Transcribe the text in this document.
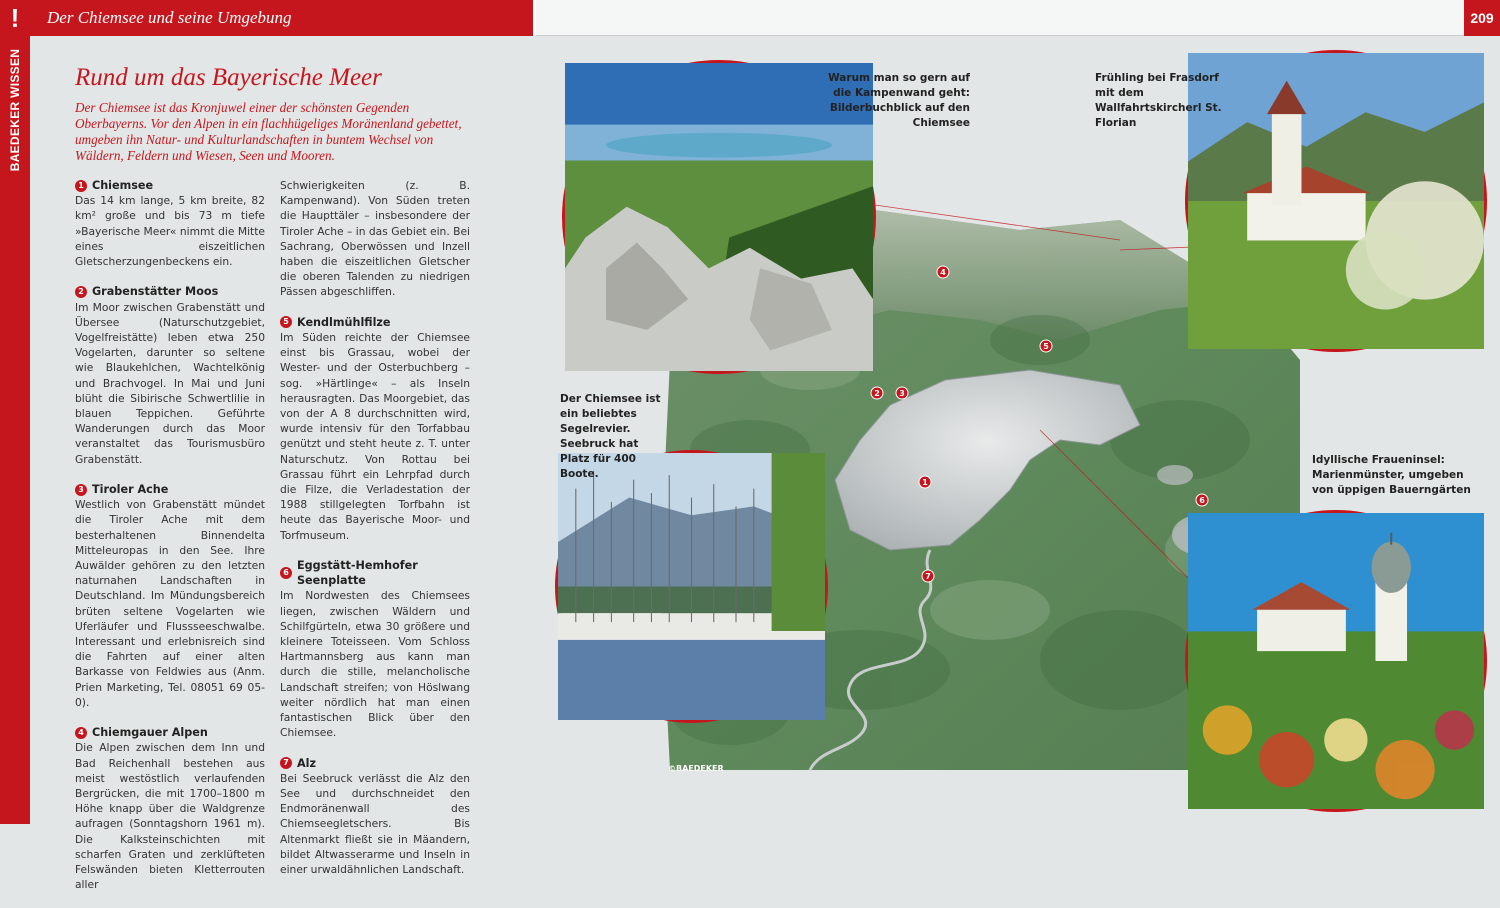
!	Der Chiemsee und seine Umgebung	209
BAEDEKER WISSEN Rund um das Bayerische Meer
Der Chiemsee ist das Kronjuwel einer der schönsten Gegenden Oberbayerns. Vor den Alpen in ein flachhügeliges Moränenland gebettet, umgeben ihn Natur- und Kulturlandschaften in buntem Wechsel von Wäldern, Feldern und Wiesen, Seen und Mooren.
1 Chiemsee
Das 14 km lange, 5 km breite, 82 km² große und bis 73 m tiefe »Bayerische Meer« nimmt die Mitte eines eiszeitlichen Gletscherzungenbeckens ein.
2 Grabenstätter Moos
Im Moor zwischen Grabenstätt und Übersee (Naturschutzgebiet, Vogelfreistätte) leben etwa 250 Vogelarten, darunter so seltene wie Blaukehlchen, Wachtelkönig und Brachvogel. In Mai und Juni blüht die Sibirische Schwertlilie in blauen Teppichen. Geführte Wanderungen durch das Moor veranstaltet das Tourismusbüro Grabenstätt.
3 Tiroler Ache
Westlich von Grabenstätt mündet die Tiroler Ache mit dem besterhaltenen Binnendelta Mitteleuropas in den See. Ihre Auwälder gehören zu den letzten naturnahen Landschaften in Deutschland. Im Mündungsbereich brüten seltene Vogelarten wie Uferläufer und Flussseeschwalbe. Interessant und erlebnisreich sind die Fahrten auf einer alten Barkasse von Feldwies aus (Anm. Prien Marketing, Tel. 08051 69 05-0).
4 Chiemgauer Alpen
Die Alpen zwischen dem Inn und Bad Reichenhall bestehen aus meist westöstlich verlaufenden Bergrücken, die mit 1700–1800 m Höhe knapp über die Waldgrenze aufragen (Sonntagshorn 1961 m). Die Kalksteinschichten mit scharfen Graten und zerklüfteten Felswänden bieten Kletterrouten aller
Schwierigkeiten (z. B. Kampenwand). Von Süden treten die Haupttäler – insbesondere der Tiroler Ache – in das Gebiet ein. Bei Sachrang, Oberwössen und Inzell haben die eiszeitlichen Gletscher die oberen Talenden zu niedrigen Pässen abgeschliffen.
5 Kendlmühlfilze
Im Süden reichte der Chiemsee einst bis Grassau, wobei der Wester- und der Osterbuchberg – sog. »Härtlinge« – als Inseln herausragten. Das Moorgebiet, das von der A 8 durchschnitten wird, wurde intensiv für den Torfabbau genützt und steht heute z. T. unter Naturschutz. Von Rottau bei Grassau führt ein Lehrpfad durch die Filze, die Verladestation der 1988 stillgelegten Torfbahn ist heute das Bayerische Moor- und Torfmuseum.
6
Eggstätt-Hemhofer Seenplatte
Im Nordwesten des Chiemsees liegen, zwischen Wäldern und Schilfgürteln, etwa 30 größere und kleinere Toteisseen. Vom Schloss Hartmannsberg aus kann man durch die stille, melancholische Landschaft streifen; von Höslwang weiter nördlich hat man einen fantastischen Blick über den Chiemsee.
7 Alz
Bei Seebruck verlässt die Alz den See und durchschneidet den Endmoränenwall des Chiemseegletschers. Bis Altenmarkt fließt sie in Mäandern, bildet Altwasserarme und Inseln in einer urwaldähnlichen Landschaft.
1
2 3
4
5
6
7
©BAEDEKER
Warum man so gern auf die Kampenwand geht: Bilderbuchblick auf den Chiemsee
Frühling bei Frasdorf mit dem Wallfahrtskircherl St. Florian
Der Chiemsee ist ein beliebtes Segelrevier. Seebruck hat Platz für 400 Boote.
Idyllische Fraueninsel: Marienmünster, umgeben von üppigen Bauerngärten
